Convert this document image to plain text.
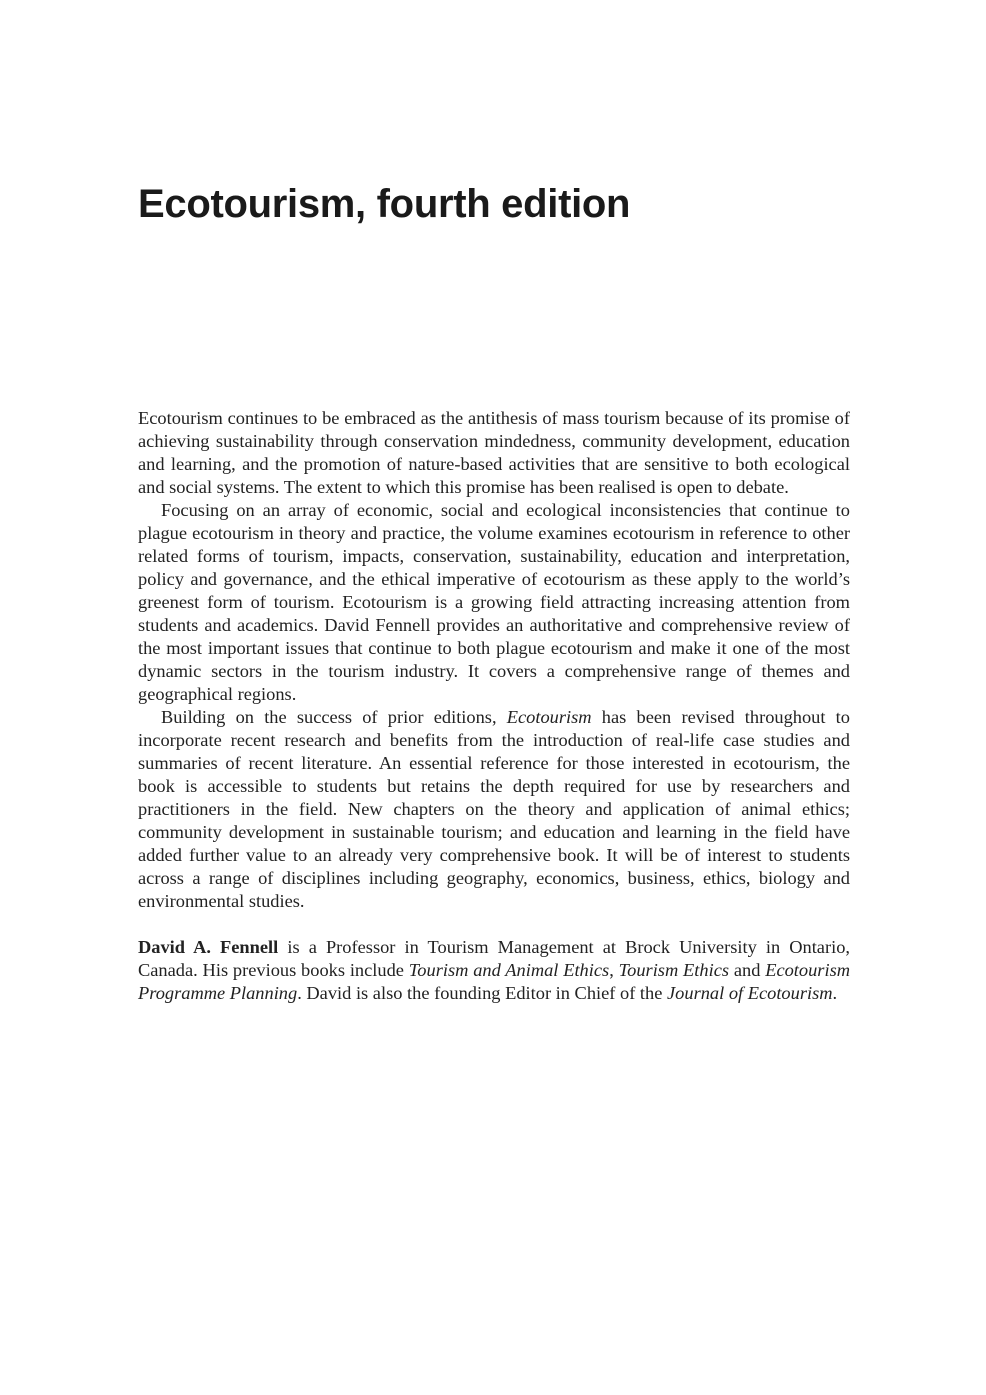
Ecotourism, fourth edition

Ecotourism continues to be embraced as the antithesis of mass tourism because of its promise of achieving sustainability through conservation mindedness, community development, education and learning, and the promotion of nature-based activities that are sensitive to both ecological and social systems. The extent to which this promise has been realised is open to debate.

Focusing on an array of economic, social and ecological inconsistencies that continue to plague ecotourism in theory and practice, the volume examines ecotourism in reference to other related forms of tourism, impacts, conservation, sustainability, education and interpretation, policy and governance, and the ethical imperative of ecotourism as these apply to the world’s greenest form of tourism. Ecotourism is a growing field attracting increasing attention from students and academics. David Fennell provides an authoritative and comprehensive review of the most important issues that continue to both plague ecotourism and make it one of the most dynamic sectors in the tourism industry. It covers a comprehensive range of themes and geographical regions.

Building on the success of prior editions, Ecotourism has been revised throughout to incorporate recent research and benefits from the introduction of real-life case studies and summaries of recent literature. An essential reference for those interested in ecotourism, the book is accessible to students but retains the depth required for use by researchers and practitioners in the field. New chapters on the theory and application of animal ethics; community development in sustainable tourism; and education and learning in the field have added further value to an already very comprehensive book. It will be of interest to students across a range of disciplines including geography, economics, business, ethics, biology and environmental studies.

David A. Fennell is a Professor in Tourism Management at Brock University in Ontario, Canada. His previous books include Tourism and Animal Ethics, Tourism Ethics and Ecotourism Programme Planning. David is also the founding Editor in Chief of the Journal of Ecotourism.
